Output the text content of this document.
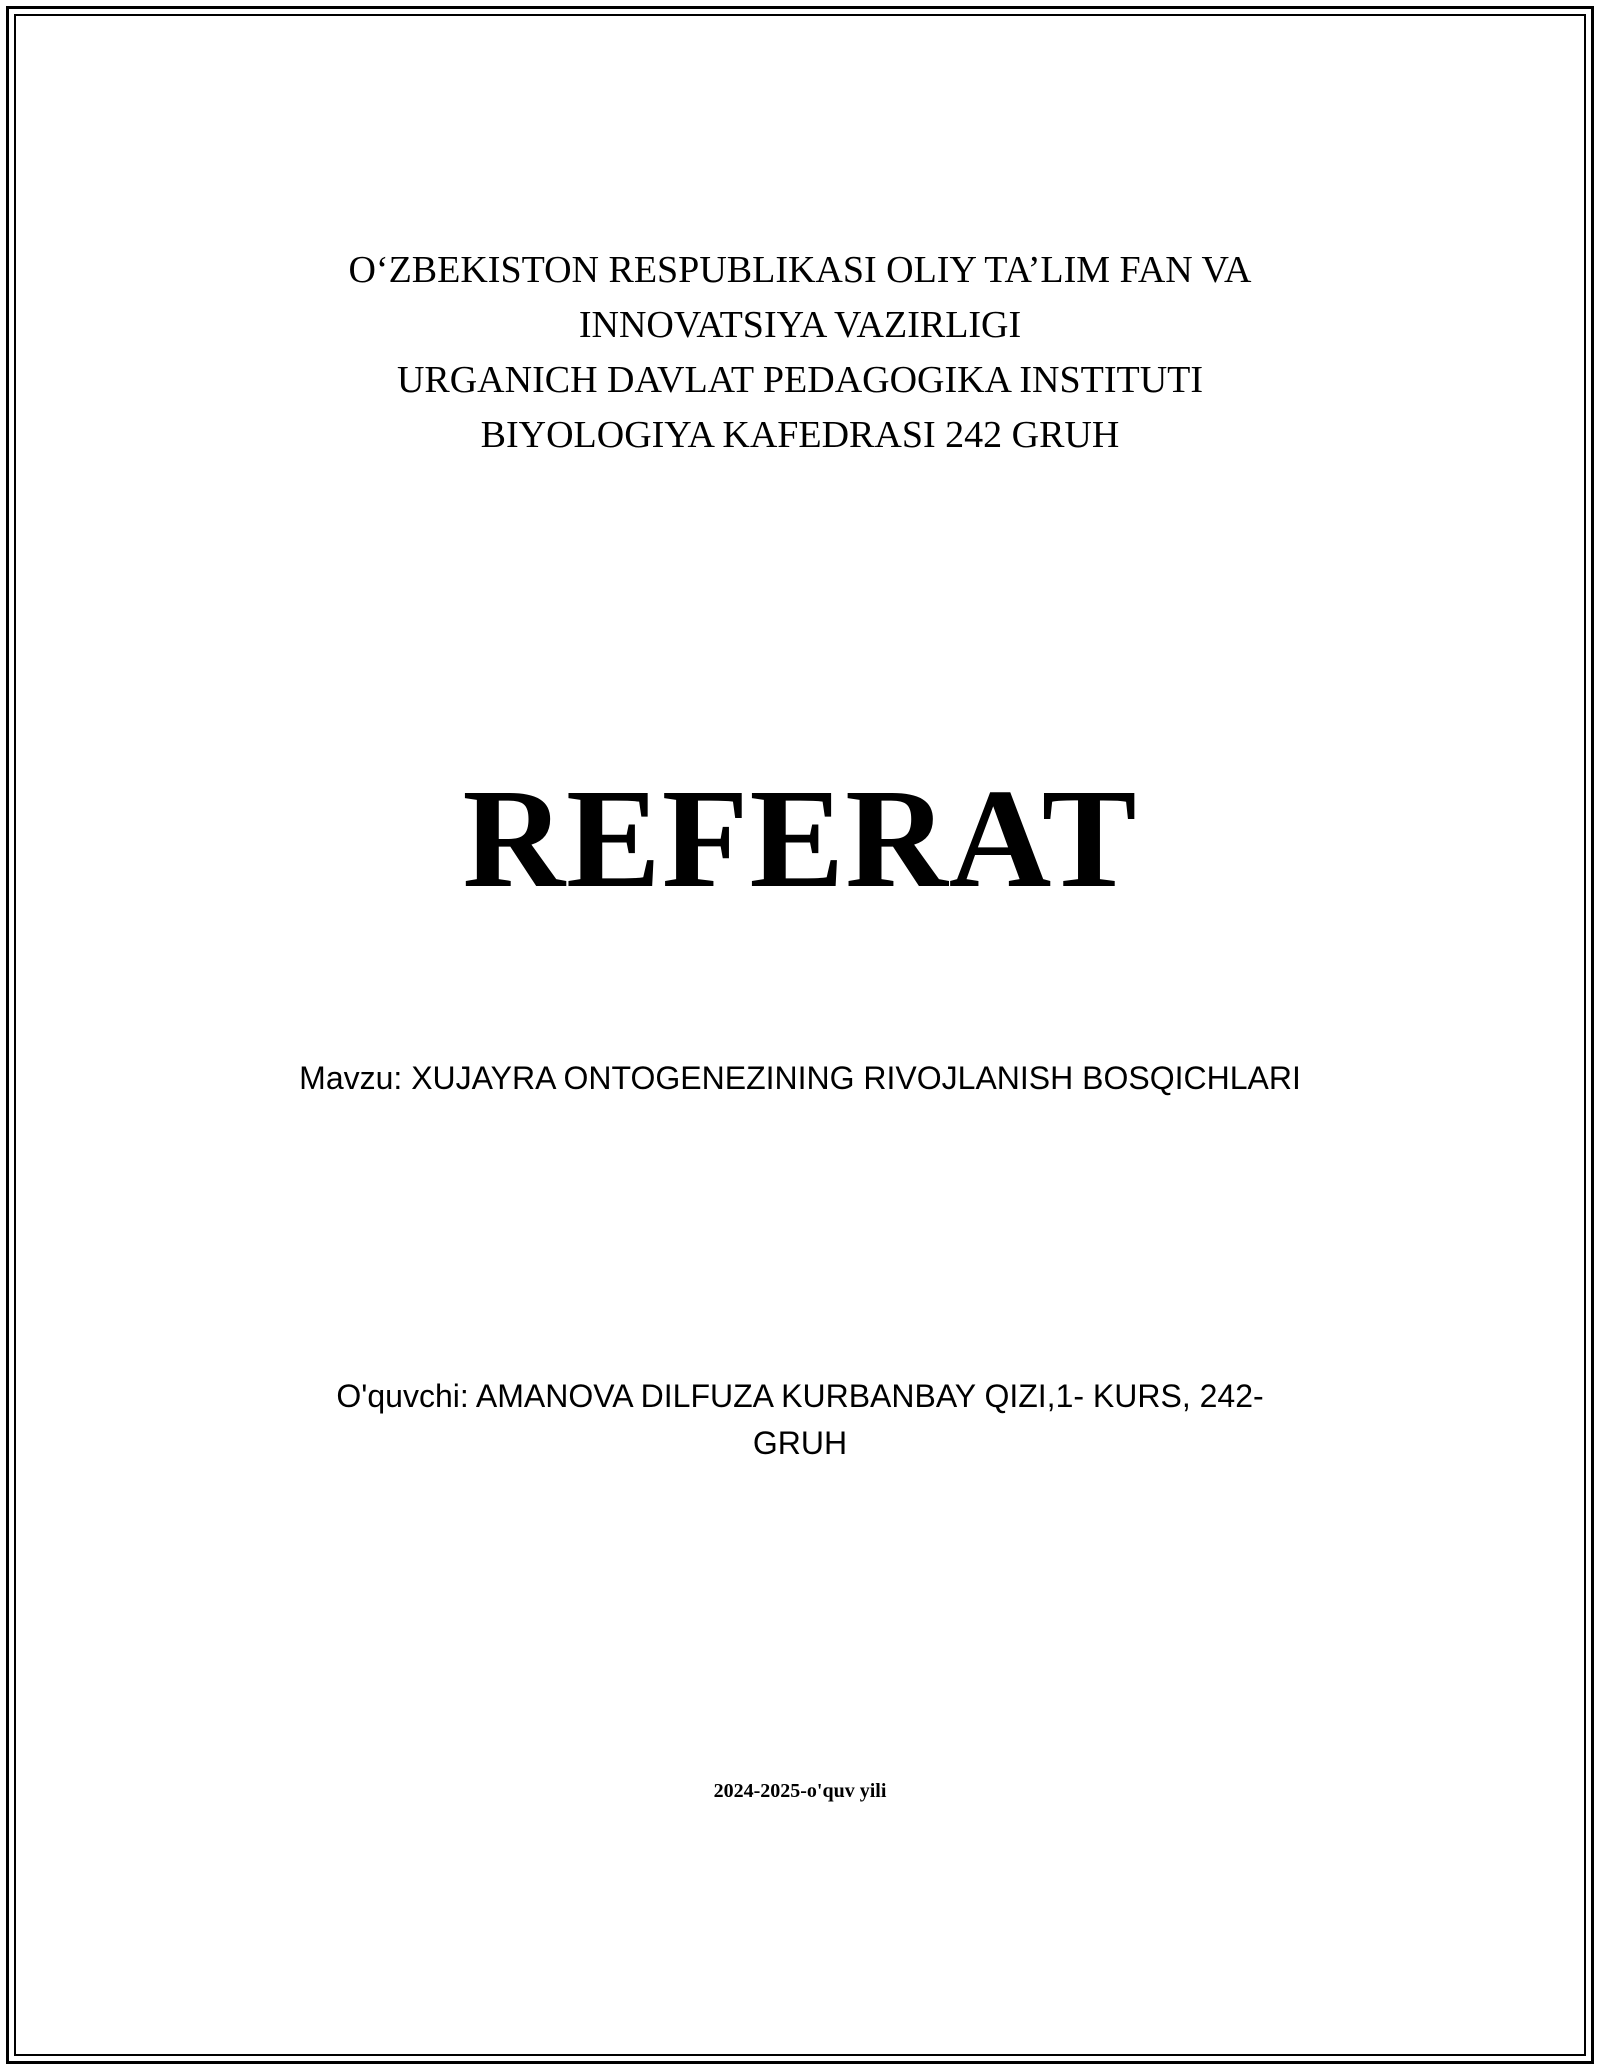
O‘ZBEKISTON RESPUBLIKASI OLIY TA’LIM FAN VA
INNOVATSIYA VAZIRLIGI
URGANICH DAVLAT PEDAGOGIKA INSTITUTI
BIYOLOGIYA KAFEDRASI 242 GRUH
REFERAT
Mavzu: XUJAYRA ONTOGENEZINING RIVOJLANISH BOSQICHLARI
O'quvchi: AMANOVA DILFUZA KURBANBAY QIZI,1- KURS, 242-
GRUH
2024-2025-o'quv yili
